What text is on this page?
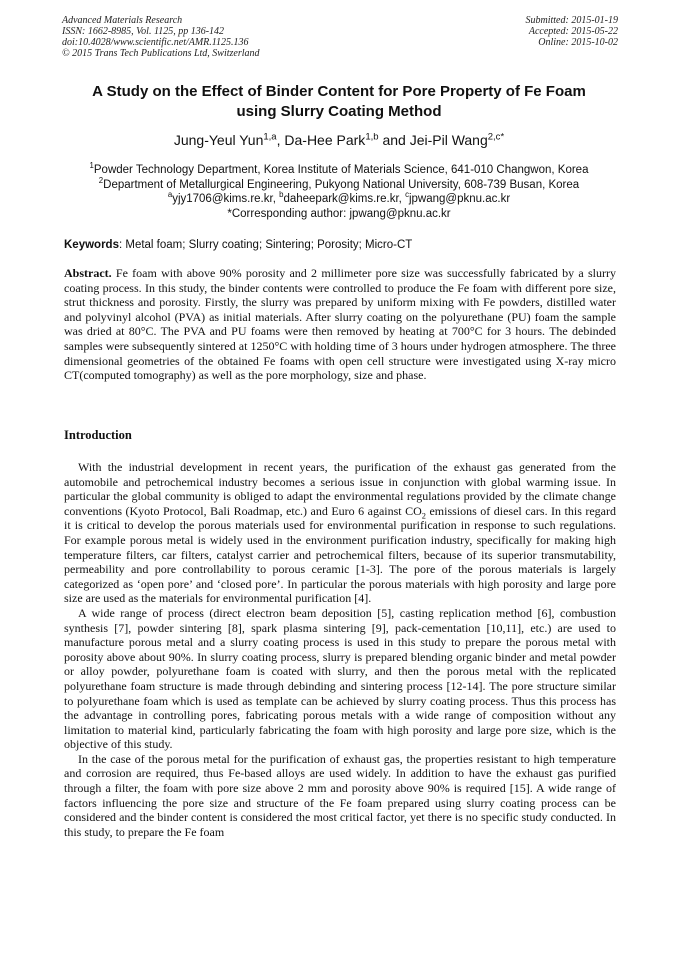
Advanced Materials Research
ISSN: 1662-8985, Vol. 1125, pp 136-142
doi:10.4028/www.scientific.net/AMR.1125.136
© 2015 Trans Tech Publications Ltd, Switzerland
Submitted: 2015-01-19
Accepted: 2015-05-22
Online: 2015-10-02
A Study on the Effect of Binder Content for Pore Property of Fe Foam
using Slurry Coating Method
Jung-Yeul Yun$^{1,a}$, Da-Hee Park$^{1,b}$ and Jei-Pil Wang$^{2,c*}$
$^1$Powder Technology Department, Korea Institute of Materials Science, 641-010 Changwon, Korea
$^2$Department of Metallurgical Engineering, Pukyong National University, 608-739 Busan, Korea
$^a$yjy1706@kims.re.kr, $^b$daheepark@kims.re.kr, $^c$jpwang@pknu.ac.kr
*Corresponding author: jpwang@pknu.ac.kr
Keywords: Metal foam; Slurry coating; Sintering; Porosity; Micro-CT
Abstract. Fe foam with above 90% porosity and 2 millimeter pore size was successfully fabricated by a slurry coating process. In this study, the binder contents were controlled to produce the Fe foam with different pore size, strut thickness and porosity. Firstly, the slurry was prepared by uniform mixing with Fe powders, distilled water and polyvinyl alcohol (PVA) as initial materials. After slurry coating on the polyurethane (PU) foam the sample was dried at 80°C. The PVA and PU foams were then removed by heating at 700°C for 3 hours. The debinded samples were subsequently sintered at 1250°C with holding time of 3 hours under hydrogen atmosphere. The three dimensional geometries of the obtained Fe foams with open cell structure were investigated using X-ray micro CT(computed tomography) as well as the pore morphology, size and phase.
Introduction

With the industrial development in recent years, the purification of the exhaust gas generated from the automobile and petrochemical industry becomes a serious issue in conjunction with global warming issue. In particular the global community is obliged to adapt the environmental regulations provided by the climate change conventions (Kyoto Protocol, Bali Roadmap, etc.) and Euro 6 against $CO_2$ emissions of diesel cars. In this regard it is critical to develop the porous materials used for environmental purification in response to such regulations. For example porous metal is widely used in the environment purification industry, specifically for making high temperature filters, car filters, catalyst carrier and petrochemical filters, because of its superior transmutability, permeability and pore controllability to porous ceramic [1-3]. The pore of the porous materials is largely categorized as ‘open pore’ and ‘closed pore’. In particular the porous materials with high porosity and large pore size are used as the materials for environmental purification [4].

A wide range of process (direct electron beam deposition [5], casting replication method [6], combustion synthesis [7], powder sintering [8], spark plasma sintering [9], pack-cementation [10,11], etc.) are used to manufacture porous metal and a slurry coating process is used in this study to prepare the porous metal with porosity above about 90%. In slurry coating process, slurry is prepared blending organic binder and metal powder or alloy powder, polyurethane foam is coated with slurry, and then the porous metal with the replicated polyurethane foam structure is made through debinding and sintering process [12-14]. The pore structure similar to polyurethane foam which is used as template can be achieved by slurry coating process. Thus this process has the advantage in controlling pores, fabricating porous metals with a wide range of composition without any limitation to material kind, particularly fabricating the foam with high porosity and large pore size, which is the objective of this study.

In the case of the porous metal for the purification of exhaust gas, the properties resistant to high temperature and corrosion are required, thus Fe-based alloys are used widely. In addition to have the exhaust gas purified through a filter, the foam with pore size above 2 mm and porosity above 90% is required [15]. A wide range of factors influencing the pore size and structure of the Fe foam prepared using slurry coating process can be considered and the binder content is considered the most critical factor, yet there is no specific study conducted. In this study, to prepare the Fe foam
